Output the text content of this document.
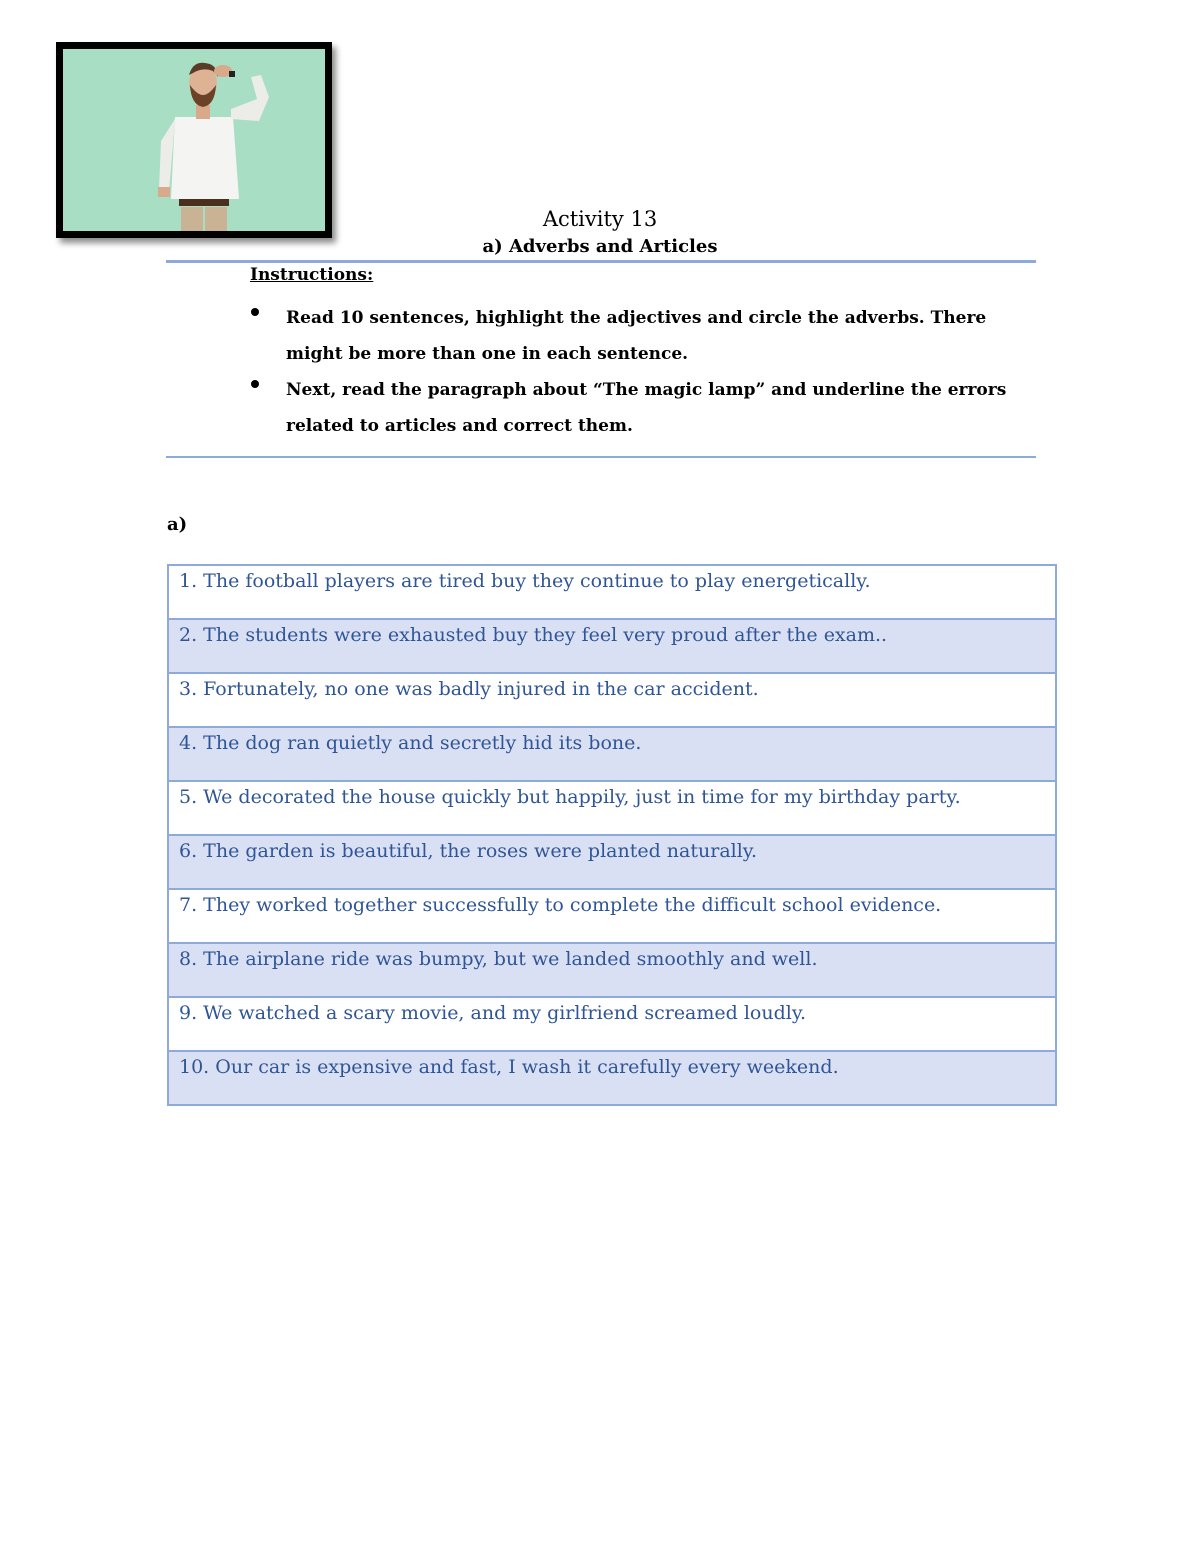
Activity 13
a) Adverbs and Articles
Instructions:
Read 10 sentences, highlight the adjectives and circle the adverbs. There might be more than one in each sentence.
Next, read the paragraph about “The magic lamp” and underline the errors related to articles and correct them.
a)
1. The football players are tired buy they continue to play energetically.
2. The students were exhausted buy they feel very proud after the exam..
3. Fortunately, no one was badly injured in the car accident.
4. The dog ran quietly and secretly hid its bone.
5. We decorated the house quickly but happily, just in time for my birthday party.
6. The garden is beautiful, the roses were planted naturally.
7. They worked together successfully to complete the difficult school evidence.
8. The airplane ride was bumpy, but we landed smoothly and well.
9. We watched a scary movie, and my girlfriend screamed loudly.
10. Our car is expensive and fast, I wash it carefully every weekend.
